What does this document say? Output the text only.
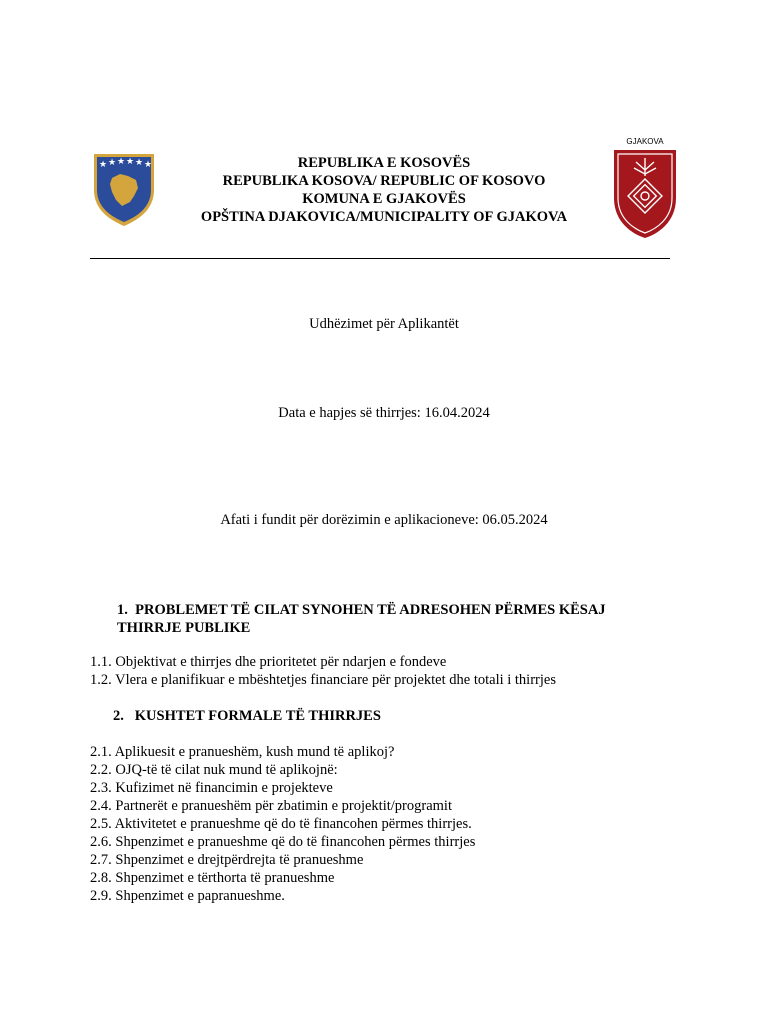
★ ★ ★ ★ ★ ★	REPUBLIKA E KOSOVËS
REPUBLIKA KOSOVA/ REPUBLIC OF KOSOVO
KOMUNA E GJAKOVËS
OPŠTINA DJAKOVICA/MUNICIPALITY OF GJAKOVA
GJAKOVA
Udhëzimet për Aplikantët
Data e hapjes së thirrjes: 16.04.2024
Afati i fundit për dorëzimin e aplikacioneve: 06.05.2024
1.  PROBLEMET TË CILAT SYNOHEN TË ADRESOHEN PËRMES KËSAJ
THIRRJE PUBLIKE
1.1. Objektivat e thirrjes dhe prioritetet për ndarjen e fondeve
1.2. Vlera e planifikuar e mbështetjes financiare për projektet dhe totali i thirrjes
2.   KUSHTET FORMALE TË THIRRJES
2.1. Aplikuesit e pranueshëm, kush mund të aplikoj?
2.2. OJQ-të të cilat nuk mund të aplikojnë:
2.3. Kufizimet në financimin e projekteve
2.4. Partnerët e pranueshëm për zbatimin e projektit/programit
2.5. Aktivitetet e pranueshme që do të financohen përmes thirrjes.
2.6. Shpenzimet e pranueshme që do të financohen përmes thirrjes
2.7. Shpenzimet e drejtpërdrejta të pranueshme
2.8. Shpenzimet e tërthorta të pranueshme
2.9. Shpenzimet e papranueshme.
